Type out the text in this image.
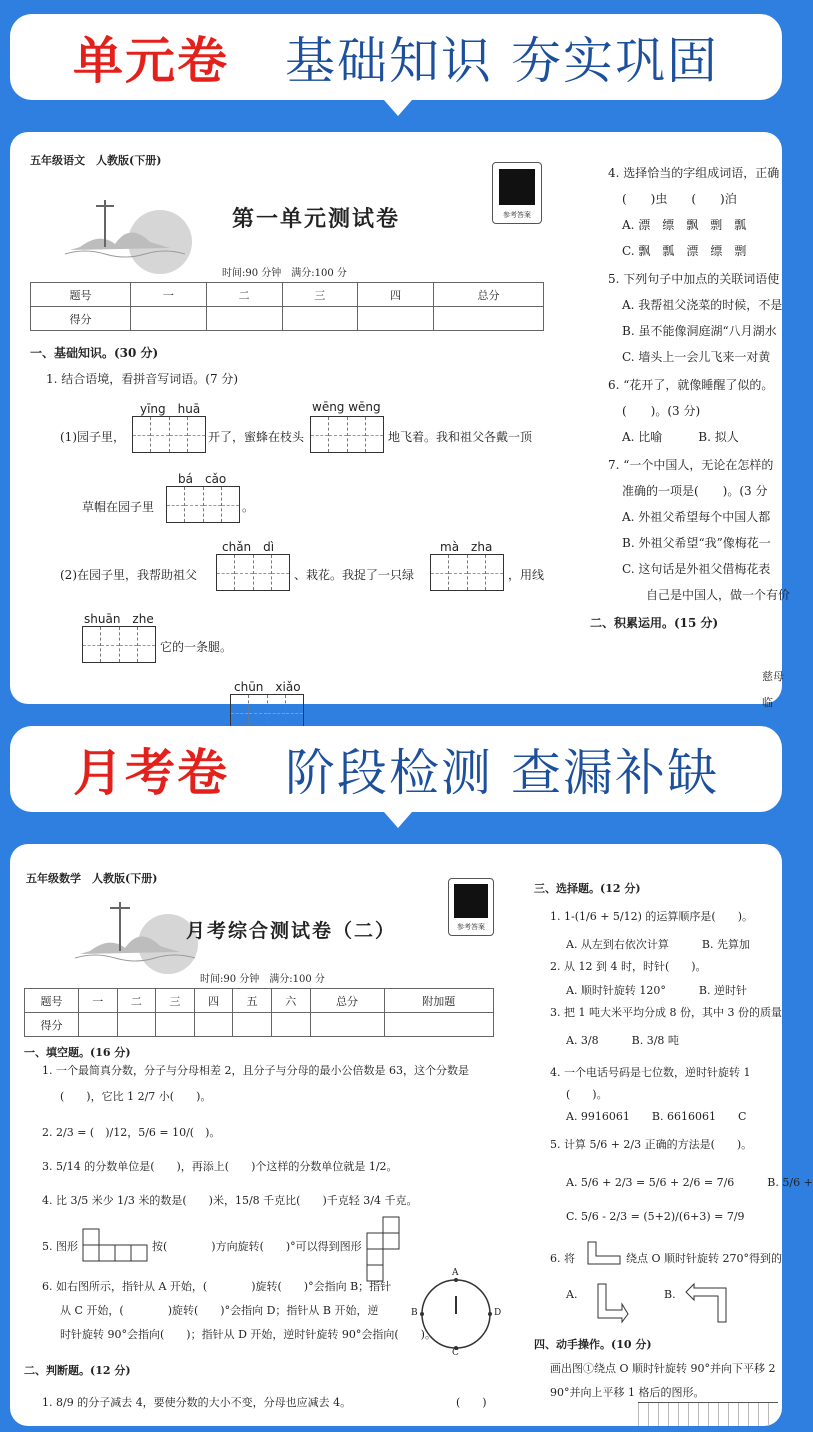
单元卷 基础知识 夯实巩固
五年级语文　人教版(下册)
第一单元测试卷	参考答案
时间:90 分钟　满分:100 分
题号	一	二	三	四	总分
得分					
一、基础知识。(30 分)
1. 结合语境，看拼音写词语。(7 分)
yīng　huā	wēng wēng
(1)园子里，	开了，蜜蜂在枝头	地飞着。我和祖父各戴一顶
bá　cǎo
草帽在园子里	。
chǎn　dì	mà　zha
(2)在园子里，我帮助祖父	、栽花。我捉了一只绿	，用线
shuān　zhe
它的一条腿。
chūn　xiǎo
4. 选择恰当的字组成词语，正确
(　　)虫　　(　　)泊
A. 漂　缥　飘　剽　瓢
C. 飘　瓢　漂　缥　剽
5. 下列句子中加点的关联词语使
A. 我帮祖父浇菜的时候，不是
B. 虽不能像洞庭湖“八月湖水
C. 墙头上一会儿飞来一对黄
6. “花开了，就像睡醒了似的。
(　　)。(3 分)
A. 比喻　　　B. 拟人
7. “一个中国人，无论在怎样的
准确的一项是(　　)。(3 分
A. 外祖父希望每个中国人都
B. 外祖父希望“我”像梅花一
C. 这句话是外祖父借梅花表
自己是中国人，做一个有价
二、积累运用。(15 分)
慈母
临
月考卷 阶段检测 查漏补缺
五年级数学　人教版(下册)
月考综合测试卷（二）	参考答案
时间:90 分钟　满分:100 分
题号	一	二	三	四	五	六	总分	附加题
得分								
一、填空题。(16 分)
1. 一个最简真分数，分子与分母相差 2，且分子与分母的最小公倍数是 63，这个分数是
(　　)，它比 1 2/7 小(　　)。
2. 2/3 = (　)/12，5/6 = 10/(　)。
3. 5/14 的分数单位是(　　)，再添上(　　)个这样的分数单位就是 1/2。
4. 比 3/5 米少 1/3 米的数是(　　)米，15/8 千克比(　　)千克轻 3/4 千克。
5. 图形	按(　　　　)方向旋转(　　)°可以得到图形
6. 如右图所示，指针从 A 开始，(　　　　)旋转(　　)°会指向 B；指针
从 C 开始，(　　　　)旋转(　　)°会指向 D；指针从 B 开始，逆
时针旋转 90°会指向(　　)；指针从 D 开始，逆时针旋转 90°会指向(　　)。
A
B	D
C
二、判断题。(12 分)
1. 8/9 的分子减去 4，要使分数的大小不变，分母也应减去 4。	(　　)
三、选择题。(12 分)
1. 1-(1/6 + 5/12) 的运算顺序是(　　)。
A. 从左到右依次计算　　　B. 先算加
2. 从 12 到 4 时，时针(　　)。
A. 顺时针旋转 120°　　　B. 逆时针
3. 把 1 吨大米平均分成 8 份，其中 3 份的质量
A. 3/8　　　B. 3/8 吨
4. 一个电话号码是七位数，逆时针旋转 1
(　　)。
A. 9916061　　B. 6616061　　C
5. 计算 5/6 + 2/3 正确的方法是(　　)。
A. 5/6 + 2/3 = 5/6 + 2/6 = 7/6　　　B. 5/6 +
C. 5/6 - 2/3 = (5+2)/(6+3) = 7/9
6. 将	绕点 O 顺时针旋转 270°得到的
A.	B.
四、动手操作。(10 分)
画出图①绕点 O 顺时针旋转 90°并向下平移 2
90°并向上平移 1 格后的图形。
